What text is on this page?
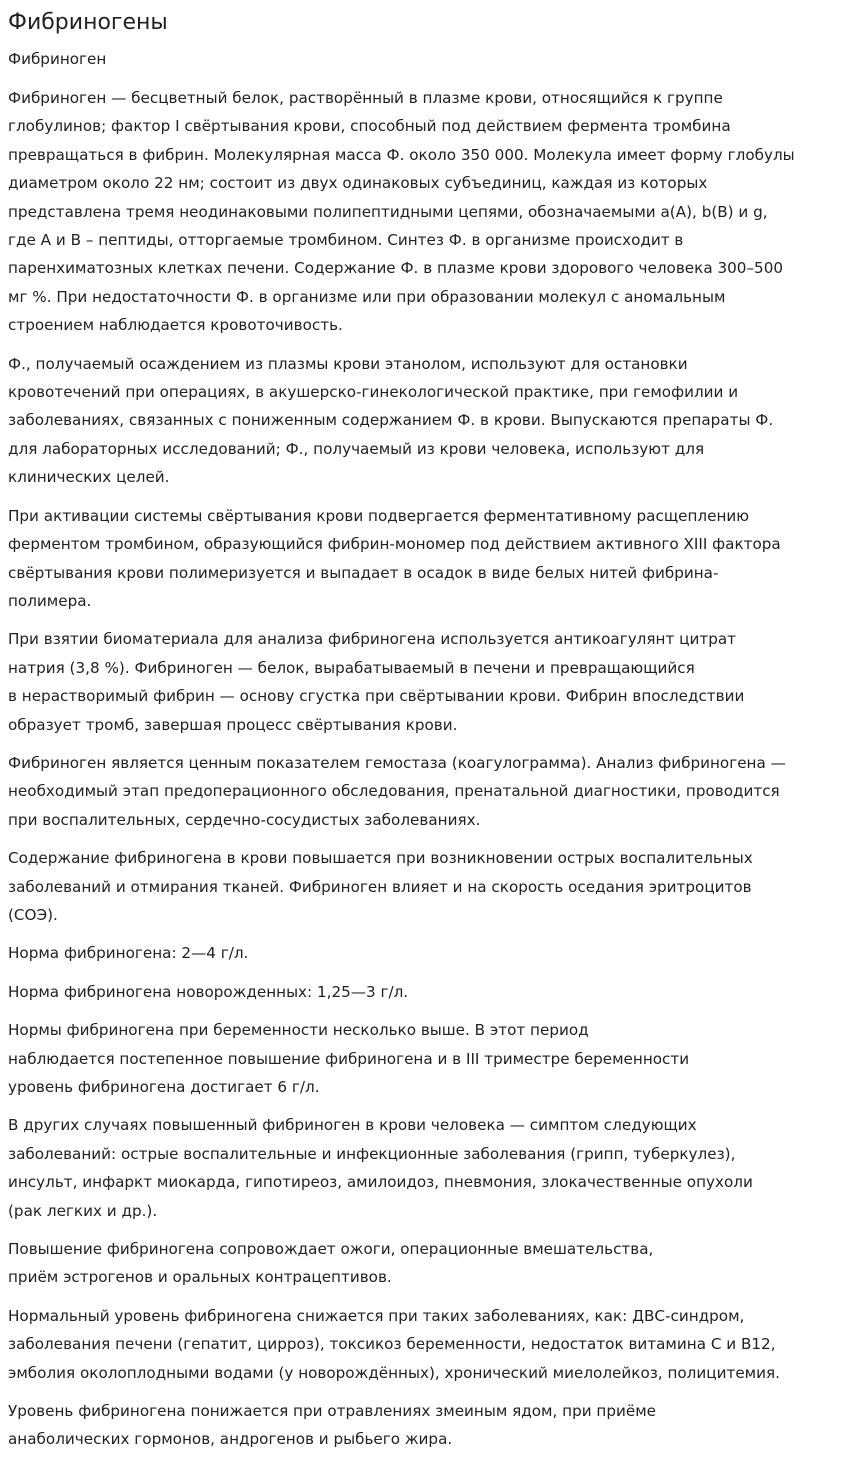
Фибриногены
Фибриноген

Фибриноген — бесцветный белок, растворённый в плазме крови, относящийся к группе
глобулинов; фактор I свёртывания крови, способный под действием фермента тромбина
превращаться в фибрин. Молекулярная масса Ф. около 350 000. Молекула имеет форму глобулы
диаметром около 22 нм; состоит из двух одинаковых субъединиц, каждая из которых
представлена тремя неодинаковыми полипептидными цепями, обозначаемыми a(A), b(B) и g,
где А и В – пептиды, отторгаемые тромбином. Синтез Ф. в организме происходит в
паренхиматозных клетках печени. Содержание Ф. в плазме крови здорового человека 300–500
мг %. При недостаточности Ф. в организме или при образовании молекул с аномальным
строением наблюдается кровоточивость.

Ф., получаемый осаждением из плазмы крови этанолом, используют для остановки
кровотечений при операциях, в акушерско-гинекологической практике, при гемофилии и
заболеваниях, связанных с пониженным содержанием Ф. в крови. Выпускаются препараты Ф.
для лабораторных исследований; Ф., получаемый из крови человека, используют для
клинических целей.

При активации системы свёртывания крови подвергается ферментативному расщеплению
ферментом тромбином, образующийся фибрин-мономер под действием активного XIII фактора
свёртывания крови полимеризуется и выпадает в осадок в виде белых нитей фибрина-
полимера.

При взятии биоматериала для анализа фибриногена используется антикоагулянт цитрат
натрия (3,8 %). Фибриноген — белок, вырабатываемый в печени и превращающийся
в нерастворимый фибрин — основу сгустка при свёртывании крови. Фибрин впоследствии
образует тромб, завершая процесс свёртывания крови.

Фибриноген является ценным показателем гемостаза (коагулограмма). Анализ фибриногена —
необходимый этап предоперационного обследования, пренатальной диагностики, проводится
при воспалительных, сердечно-сосудистых заболеваниях.

Содержание фибриногена в крови повышается при возникновении острых воспалительных
заболеваний и отмирания тканей. Фибриноген влияет и на скорость оседания эритроцитов
(СОЭ).

Норма фибриногена: 2—4 г/л.

Норма фибриногена новорожденных: 1,25—3 г/л.

Нормы фибриногена при беременности несколько выше. В этот период
наблюдается постепенное повышение фибриногена и в III триместре беременности
уровень фибриногена достигает 6 г/л.

В других случаях повышенный фибриноген в крови человека — симптом следующих
заболеваний: острые воспалительные и инфекционные заболевания (грипп, туберкулез),
инсульт, инфаркт миокарда, гипотиреоз, амилоидоз, пневмония, злокачественные опухоли
(рак легких и др.).

Повышение фибриногена сопровождает ожоги, операционные вмешательства,
приём эстрогенов и оральных контрацептивов.

Нормальный уровень фибриногена снижается при таких заболеваниях, как: ДВС-синдром,
заболевания печени (гепатит, цирроз), токсикоз беременности, недостаток витамина С и В12,
эмболия околоплодными водами (у новорождённых), хронический миелолейкоз, полицитемия.

Уровень фибриногена понижается при отравлениях змеиным ядом, при приёме
анаболических гормонов, андрогенов и рыбьего жира.
